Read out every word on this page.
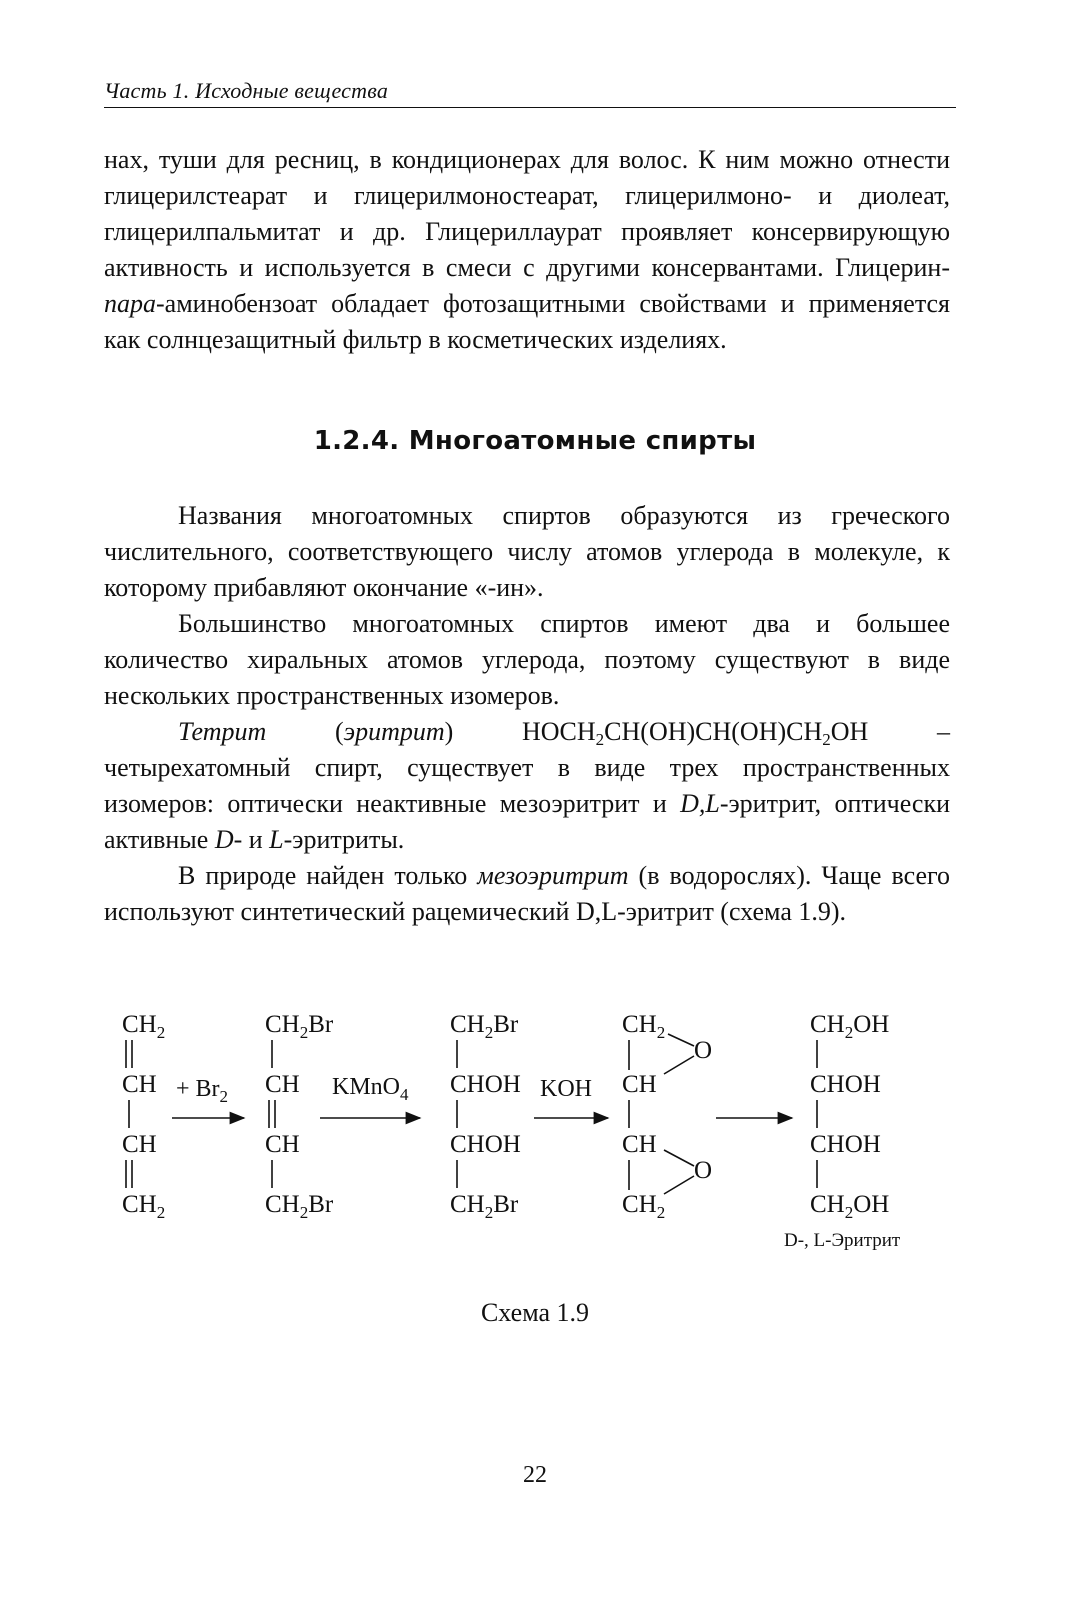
Часть 1. Исходные вещества

нах, туши для ресниц, в кондиционерах для волос. К ним можно отнести глицерилстеарат и глицерилмоностеарат, глицерилмоно- и диолеат, глицерилпальмитат и др. Глицериллаурат проявляет консервирующую активность и используется в смеси с другими консервантами. Глицерин-пара-аминобензоат обладает фотозащитными свойствами и применяется как солнцезащитный фильтр в косметических изделиях.

1.2.4. Многоатомные спирты

Названия многоатомных спиртов образуются из греческого числительного, соответствующего числу атомов углерода в молекуле, к которому прибавляют окончание «-ин».

Большинство многоатомных спиртов имеют два и большее количество хиральных атомов углерода, поэтому существуют в виде нескольких пространственных изомеров.

Тетрит (эритрит) $HOCH_2CH(OH)CH(OH)CH_2OH$ – четырехатомный спирт, существует в виде трех пространственных изомеров: оптически неактивные мезоэритрит и D,L-эритрит, оптически активные D- и L-эритриты.

В природе найден только мезоэритрит (в водорослях). Чаще всего используют синтетический рацемический D,L-эритрит (схема 1.9).

$CH_2$
CH
CH
$CH_2$
+ $Br_2$
$CH_2Br$
CH
CH
$CH_2Br$
KMnO$_4$
$CH_2Br$
CHOH
CHOH
$CH_2Br$
KOH
$CH_2$
O
CH
CH
O
$CH_2$
$CH_2OH$
CHOH
CHOH
$CH_2OH$
D-, L-Эритрит
Схема 1.9
22
